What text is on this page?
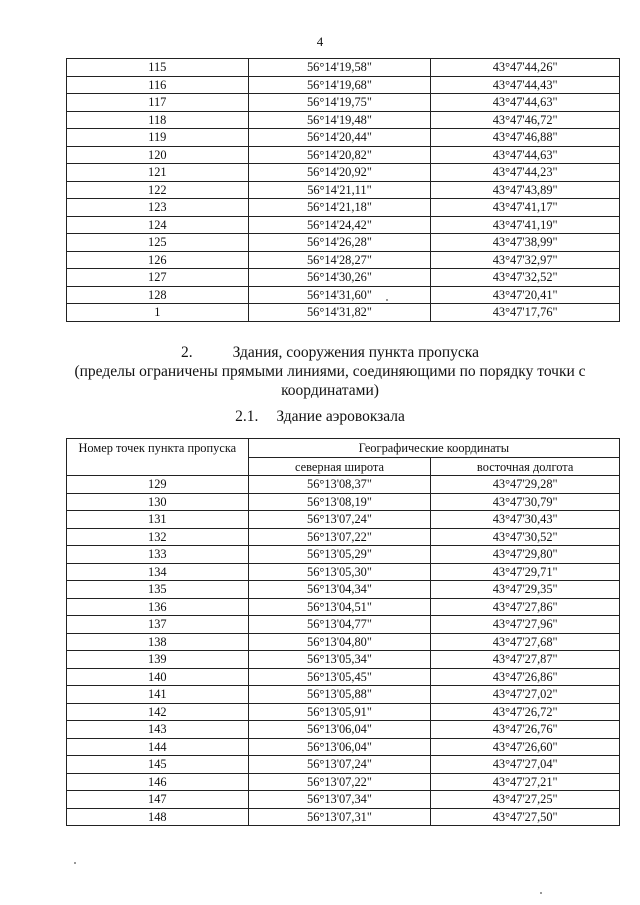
4
115	56°14'19,58"	43°47'44,26"
116	56°14'19,68"	43°47'44,43"
117	56°14'19,75"	43°47'44,63"
118	56°14'19,48"	43°47'46,72"
119	56°14'20,44"	43°47'46,88"
120	56°14'20,82"	43°47'44,63"
121	56°14'20,92"	43°47'44,23"
122	56°14'21,11"	43°47'43,89"
123	56°14'21,18"	43°47'41,17"
124	56°14'24,42"	43°47'41,19"
125	56°14'26,28"	43°47'38,99"
126	56°14'28,27"	43°47'32,97"
127	56°14'30,26"	43°47'32,52"
128	56°14'31,60"	43°47'20,41"
1	56°14'31,82"	43°47'17,76"
2.	Здания, сооружения пункта пропуска
(пределы ограничены прямыми линиями, соединяющими по порядку точки с координатами)
2.1. Здание аэровокзала
Номер точек пункта пропуска	Географические координаты	
	северная широта	восточная долгота
129	56°13'08,37"	43°47'29,28"
130	56°13'08,19"	43°47'30,79"
131	56°13'07,24"	43°47'30,43"
132	56°13'07,22"	43°47'30,52"
133	56°13'05,29"	43°47'29,80"
134	56°13'05,30"	43°47'29,71"
135	56°13'04,34"	43°47'29,35"
136	56°13'04,51"	43°47'27,86"
137	56°13'04,77"	43°47'27,96"
138	56°13'04,80"	43°47'27,68"
139	56°13'05,34"	43°47'27,87"
140	56°13'05,45"	43°47'26,86"
141	56°13'05,88"	43°47'27,02"
142	56°13'05,91"	43°47'26,72"
143	56°13'06,04"	43°47'26,76"
144	56°13'06,04"	43°47'26,60"
145	56°13'07,24"	43°47'27,04"
146	56°13'07,22"	43°47'27,21"
147	56°13'07,34"	43°47'27,25"
148	56°13'07,31"	43°47'27,50"
